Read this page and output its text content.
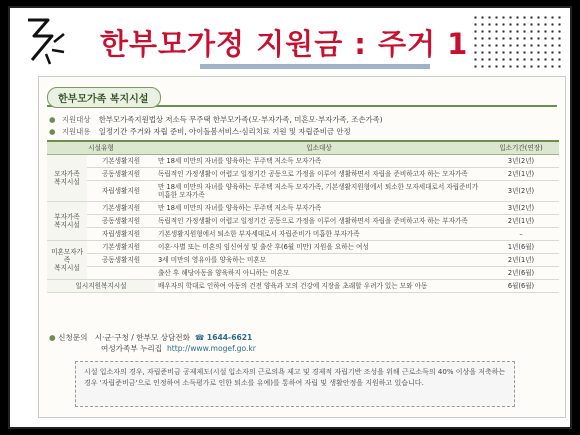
한부모가정 지원금 : 주거 1
한부모가족 복지시설
● 지원대상 한부모가족지원법상 저소득 무주택 한부모가족(모·부자가족, 미혼모·부자가족, 조손가족)
● 지원내용 일정기간 주거와 자립 준비, 아이돌봄서비스·심리치료 지원 및 자립준비금 안정
시설유형		입소대상	입소기간(연장)
모자가족
복지시설	기본생활지원	만 18세 미만의 자녀를 양육하는 무주택 저소득 모자가족	3년(2년)
	공동생활지원	독립적인 가정생활이 어렵고 일정기간 공동으로 가정을 이루어 생활하면서 자립을 준비하고자 하는 모자가족	2년(1년)
	자립생활지원	만 18세 미만의 자녀를 양육하는 무주택 저소득 모자가족, 기본생활지원형에서 퇴소한 모자세대로서 자립준비가 미흡한 모자가족	3년(2년)
부자가족
복지시설	기본생활지원	만 18세 미만의 자녀를 양육하는 무주택 저소득 부자가족	3년(2년)
	공동생활지원	독립적인 가정생활이 어렵고 일정기간 공동으로 가정을 이루어 생활하면서 자립을 준비하고자 하는 부자가족	2년(1년)
	자립생활지원	기본생활지원형에서 퇴소한 부자세대로서 자립준비가 미흡한 부자가족	–
미혼모자가족
복지시설	기본생활지원	이혼·사별 또는 미혼의 임신여성 및 출산 후(6월 미만) 지원을 요하는 여성	1년(6월)
	공동생활지원	3세 미만의 영유아를 양육하는 미혼모	2년(1년)
		출산 후 해당아동을 양육하지 아니하는 미혼모	2년(6월)
일시지원복지시설		배우자의 학대로 인하여 아동의 건전 양육과 모의 건강에 지장을 초래할 우려가 있는 모와 아동	6월(6월)
● 신청문의 시·군·구청 / 한부모 상담전화 ☎ 1644-6621
여성가족부 누리집 http://www.mogef.go.kr
시설 입소자의 경우, 자립준비금 공제제도(시설 입소자의 근로의욕 제고 및 경제적 자립기반 조성을 위해 근로소득의 40% 이상을 저축하는 경우 '자립준비금'으로 인정하여 소득평가로 인한 퇴소를 유예)를 통하여 자립 및 생활안정을 지원하고 있습니다.
